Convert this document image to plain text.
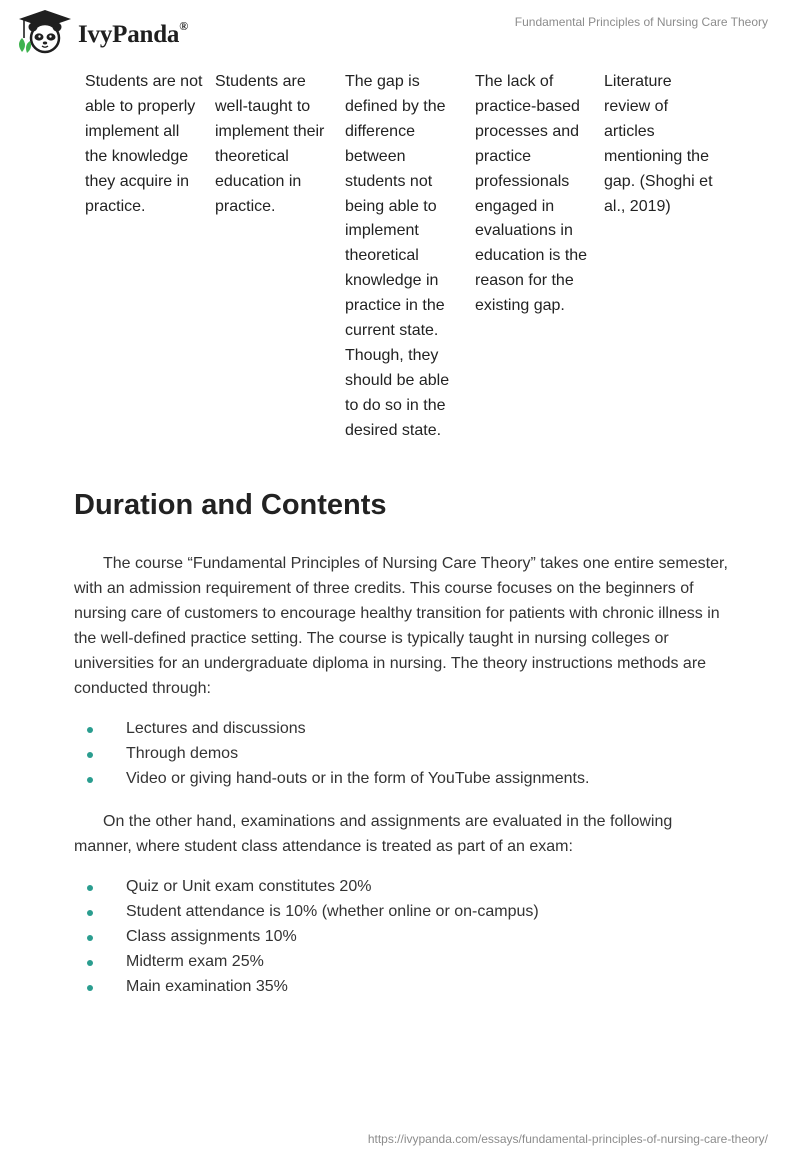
IvyPanda®	Fundamental Principles of Nursing Care Theory
Students are not able to properly implement all the knowledge they acquire in practice.
Students are well-taught to implement their theoretical education in practice.
The gap is defined by the difference between students not being able to implement theoretical knowledge in practice in the current state. Though, they should be able to do so in the desired state.
The lack of practice-based processes and practice professionals engaged in evaluations in education is the reason for the existing gap.
Literature review of articles mentioning the gap. (Shoghi et al., 2019)
Duration and Contents

The course “Fundamental Principles of Nursing Care Theory” takes one entire semester, with an admission requirement of three credits. This course focuses on the beginners of nursing care of customers to encourage healthy transition for patients with chronic illness in the well-defined practice setting. The course is typically taught in nursing colleges or universities for an undergraduate diploma in nursing. The theory instructions methods are conducted through:

Lectures and discussions
Through demos
Video or giving hand-outs or in the form of YouTube assignments.

On the other hand, examinations and assignments are evaluated in the following manner, where student class attendance is treated as part of an exam:

Quiz or Unit exam constitutes 20%
Student attendance is 10% (whether online or on-campus)
Class assignments 10%
Midterm exam 25%
Main examination 35%
https://ivypanda.com/essays/fundamental-principles-of-nursing-care-theory/
